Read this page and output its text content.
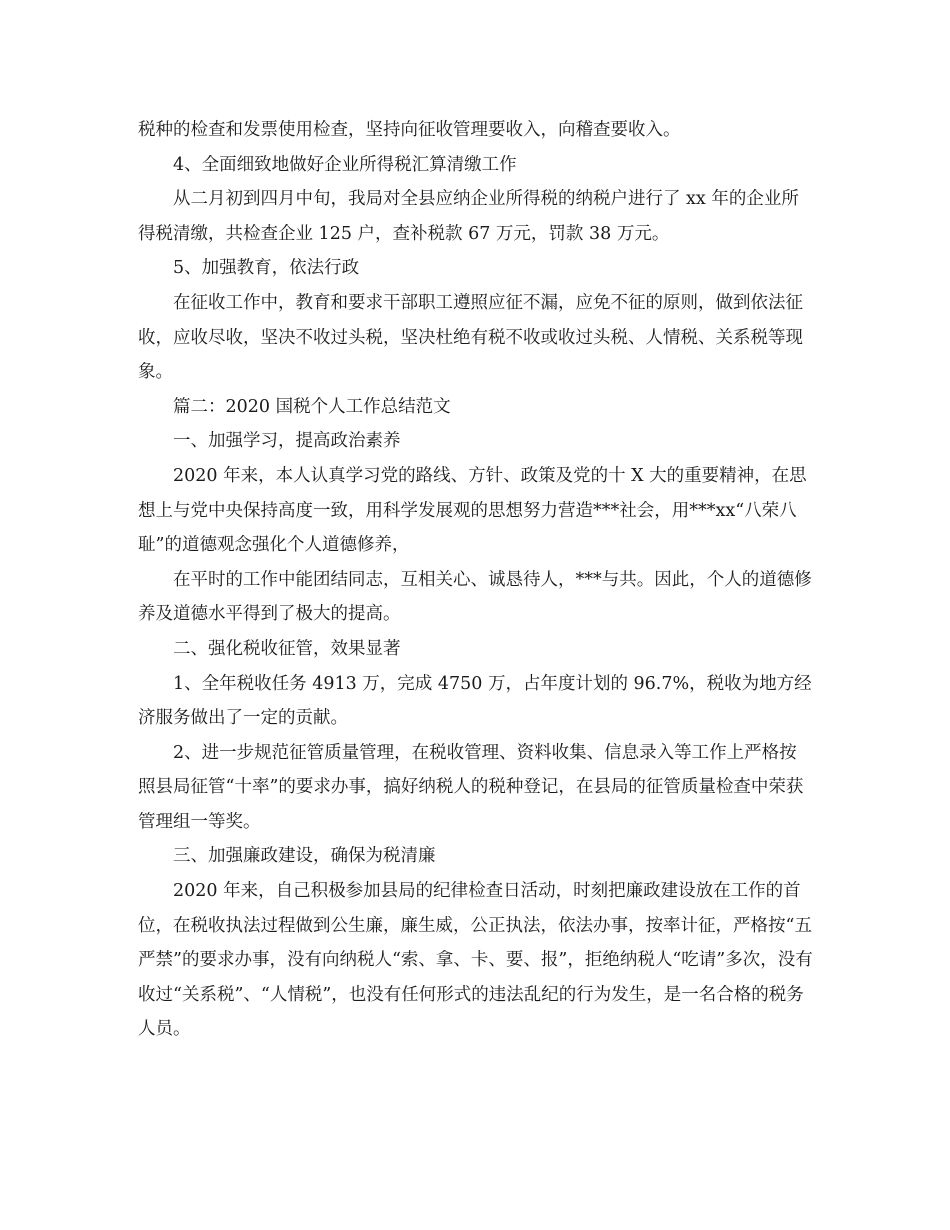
税种的检查和发票使用检查，坚持向征收管理要收入，向稽查要收入。

4、全面细致地做好企业所得税汇算清缴工作

从二月初到四月中旬，我局对全县应纳企业所得税的纳税户进行了 xx 年的企业所得税清缴，共检查企业 125 户，查补税款 67 万元，罚款 38 万元。

5、加强教育，依法行政

在征收工作中，教育和要求干部职工遵照应征不漏，应免不征的原则，做到依法征收，应收尽收，坚决不收过头税，坚决杜绝有税不收或收过头税、人情税、关系税等现象。

篇二：2020 国税个人工作总结范文

一、加强学习，提高政治素养

2020 年来，本人认真学习党的路线、方针、政策及党的十 X 大的重要精神，在思想上与党中央保持高度一致，用科学发展观的思想努力营造***社会，用***xx“八荣八耻”的道德观念强化个人道德修养，

在平时的工作中能团结同志，互相关心、诚恳待人，***与共。因此，个人的道德修养及道德水平得到了极大的提高。

二、强化税收征管，效果显著

1、全年税收任务 4913 万，完成 4750 万，占年度计划的 96.7%，税收为地方经济服务做出了一定的贡献。

2、进一步规范征管质量管理，在税收管理、资料收集、信息录入等工作上严格按照县局征管“十率”的要求办事，搞好纳税人的税种登记，在县局的征管质量检查中荣获管理组一等奖。

三、加强廉政建设，确保为税清廉

2020 年来，自己积极参加县局的纪律检查日活动，时刻把廉政建设放在工作的首位，在税收执法过程做到公生廉，廉生威，公正执法，依法办事，按率计征，严格按“五严禁”的要求办事，没有向纳税人“索、拿、卡、要、报”，拒绝纳税人“吃请”多次，没有收过“关系税”、“人情税”，也没有任何形式的违法乱纪的行为发生，是一名合格的税务人员。
